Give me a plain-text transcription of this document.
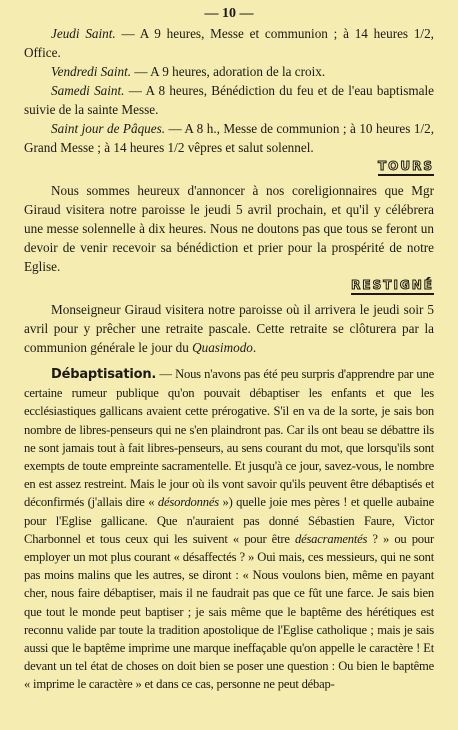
— 10 —

Jeudi Saint. — A 9 heures, Messe et communion ; à 14 heures 1/2, Office.

Vendredi Saint. — A 9 heures, adoration de la croix.

Samedi Saint. — A 8 heures, Bénédiction du feu et de l'eau baptismale suivie de la sainte Messe.

Saint jour de Pâques. — A 8 h., Messe de communion ; à 10 heures 1/2, Grand Messe ; à 14 heures 1/2 vêpres et salut solennel.

TOURS

Nous sommes heureux d'annoncer à nos coreligionnaires que Mgr Giraud visitera notre paroisse le jeudi 5 avril prochain, et qu'il y célébrera une messe solennelle à dix heures. Nous ne doutons pas que tous se feront un devoir de venir recevoir sa bénédiction et prier pour la prospérité de notre Eglise.

RESTIGNÉ

Monseigneur Giraud visitera notre paroisse où il arrivera le jeudi soir 5 avril pour y prêcher une retraite pascale. Cette retraite se clôturera par la communion générale le jour du Quasimodo.

Débaptisation. — Nous n'avons pas été peu surpris d'apprendre par une certaine rumeur publique qu'on pouvait débaptiser les enfants et que les ecclésiastiques gallicans avaient cette prérogative. S'il en va de la sorte, je sais bon nombre de libres-penseurs qui ne s'en plaindront pas. Car ils ont beau se débattre ils ne sont jamais tout à fait libres-penseurs, au sens courant du mot, que lorsqu'ils sont exempts de toute empreinte sacramentelle. Et jusqu'à ce jour, savez-vous, le nombre en est assez restreint. Mais le jour où ils vont savoir qu'ils peuvent être débaptisés et déconfirmés (j'allais dire « désordonnés ») quelle joie mes pères ! et quelle aubaine pour l'Eglise gallicane. Que n'auraient pas donné Sébastien Faure, Victor Charbonnel et tous ceux qui les suivent « pour être désacramentés ? » ou pour employer un mot plus courant « désaffectés ? » Oui mais, ces messieurs, qui ne sont pas moins malins que les autres, se diront : « Nous voulons bien, même en payant cher, nous faire débaptiser, mais il ne faudrait pas que ce fût une farce. Je sais bien que tout le monde peut baptiser ; je sais même que le baptême des hérétiques est reconnu valide par toute la tradition apostolique de l'Eglise catholique ; mais je sais aussi que le baptême imprime une marque ineffaçable qu'on appelle le caractère ! Et devant un tel état de choses on doit bien se poser une question : Ou bien le baptême « imprime le caractère » et dans ce cas, personne ne peut débap-
